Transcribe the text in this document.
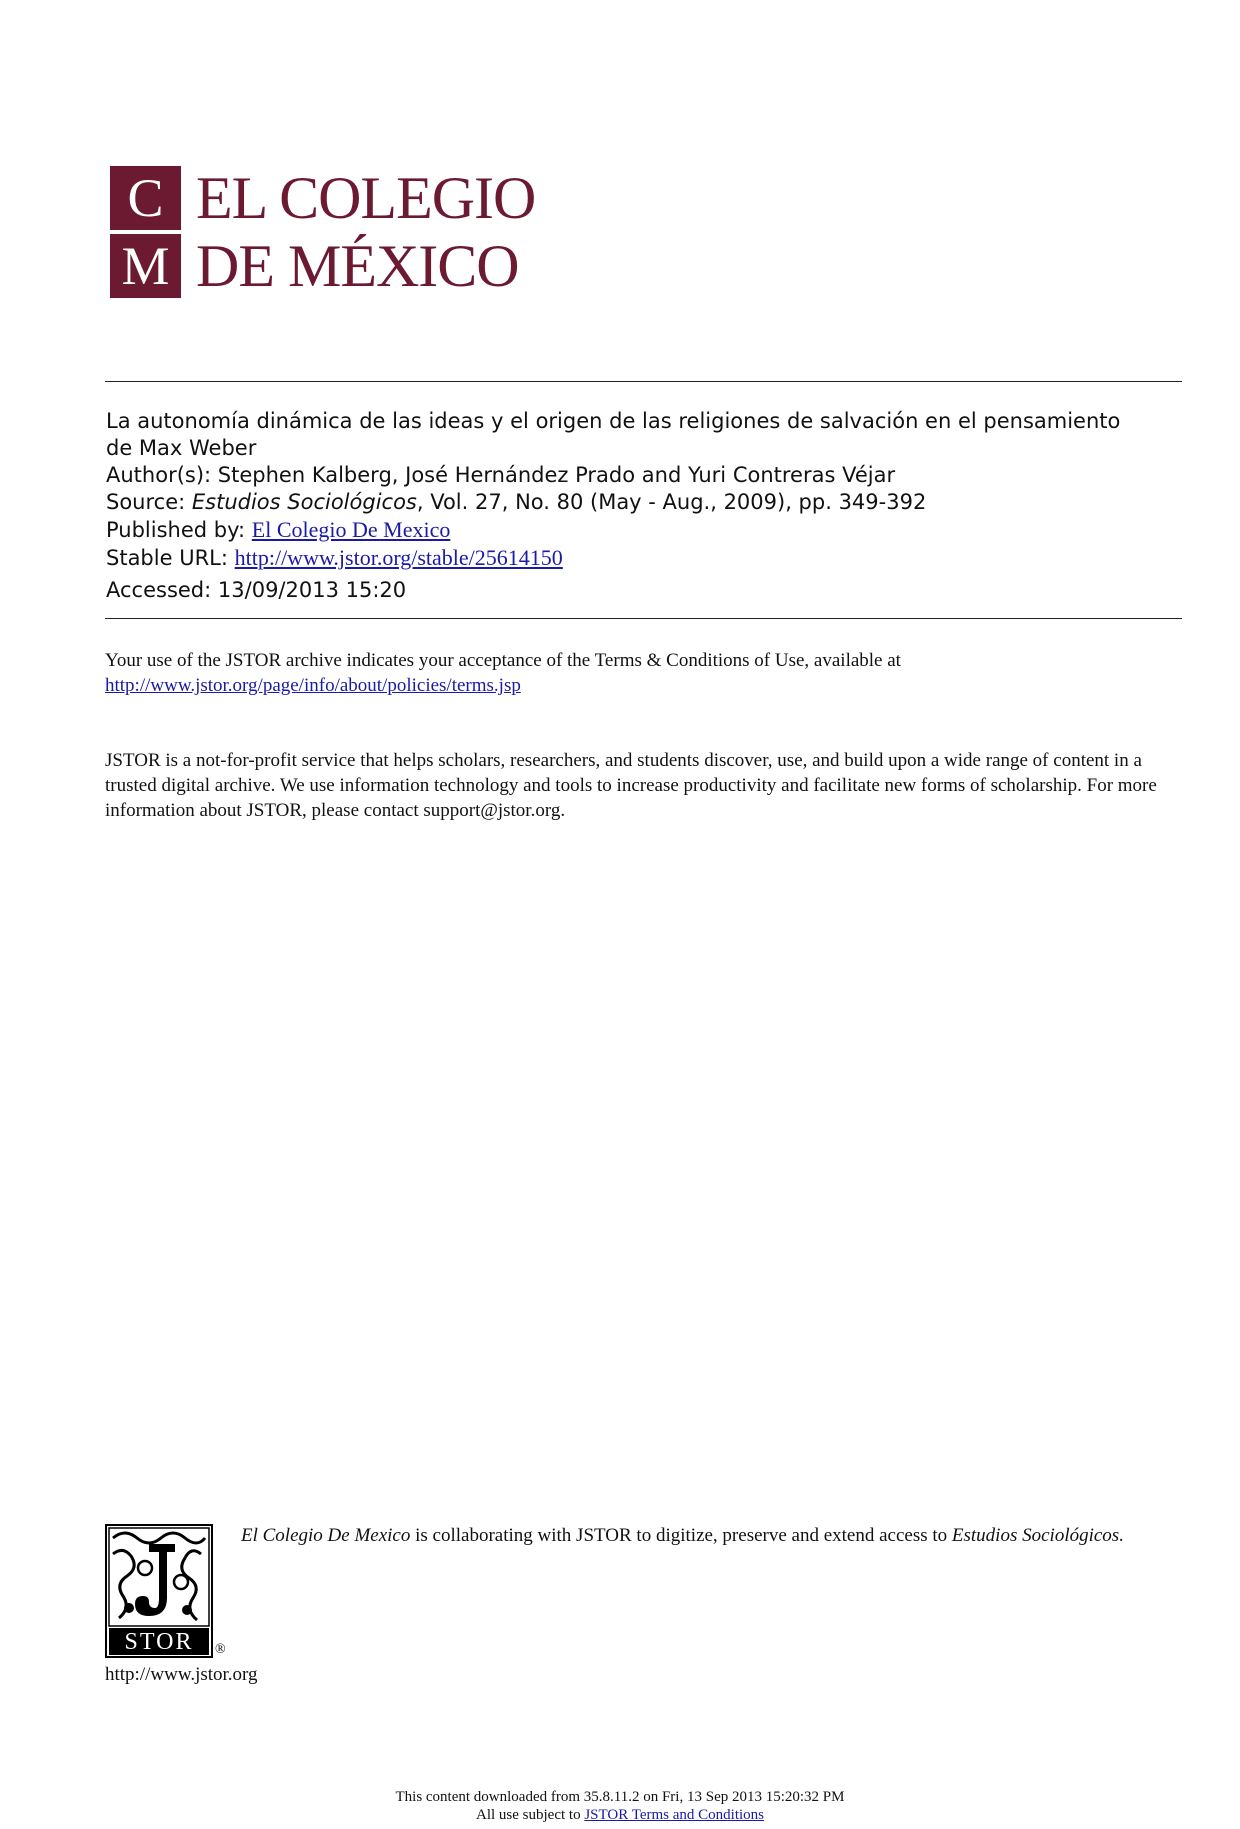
C
M
EL COLEGIO
DE MÉXICO
La autonomía dinámica de las ideas y el origen de las religiones de salvación en el pensamiento
de Max Weber
Author(s): Stephen Kalberg, José Hernández Prado and Yuri Contreras Véjar
Source: Estudios Sociológicos, Vol. 27, No. 80 (May - Aug., 2009), pp. 349-392
Published by: El Colegio De Mexico
Stable URL: http://www.jstor.org/stable/25614150
Accessed: 13/09/2013 15:20
Your use of the JSTOR archive indicates your acceptance of the Terms & Conditions of Use, available at
http://www.jstor.org/page/info/about/policies/terms.jsp
JSTOR is a not-for-profit service that helps scholars, researchers, and students discover, use, and build upon a wide range of content in a trusted digital archive. We use information technology and tools to increase productivity and facilitate new forms of scholarship. For more information about JSTOR, please contact support@jstor.org.
STOR	®
El Colegio De Mexico is collaborating with JSTOR to digitize, preserve and extend access to Estudios Sociológicos.
http://www.jstor.org
This content downloaded from 35.8.11.2 on Fri, 13 Sep 2013 15:20:32 PM
All use subject to JSTOR Terms and Conditions
